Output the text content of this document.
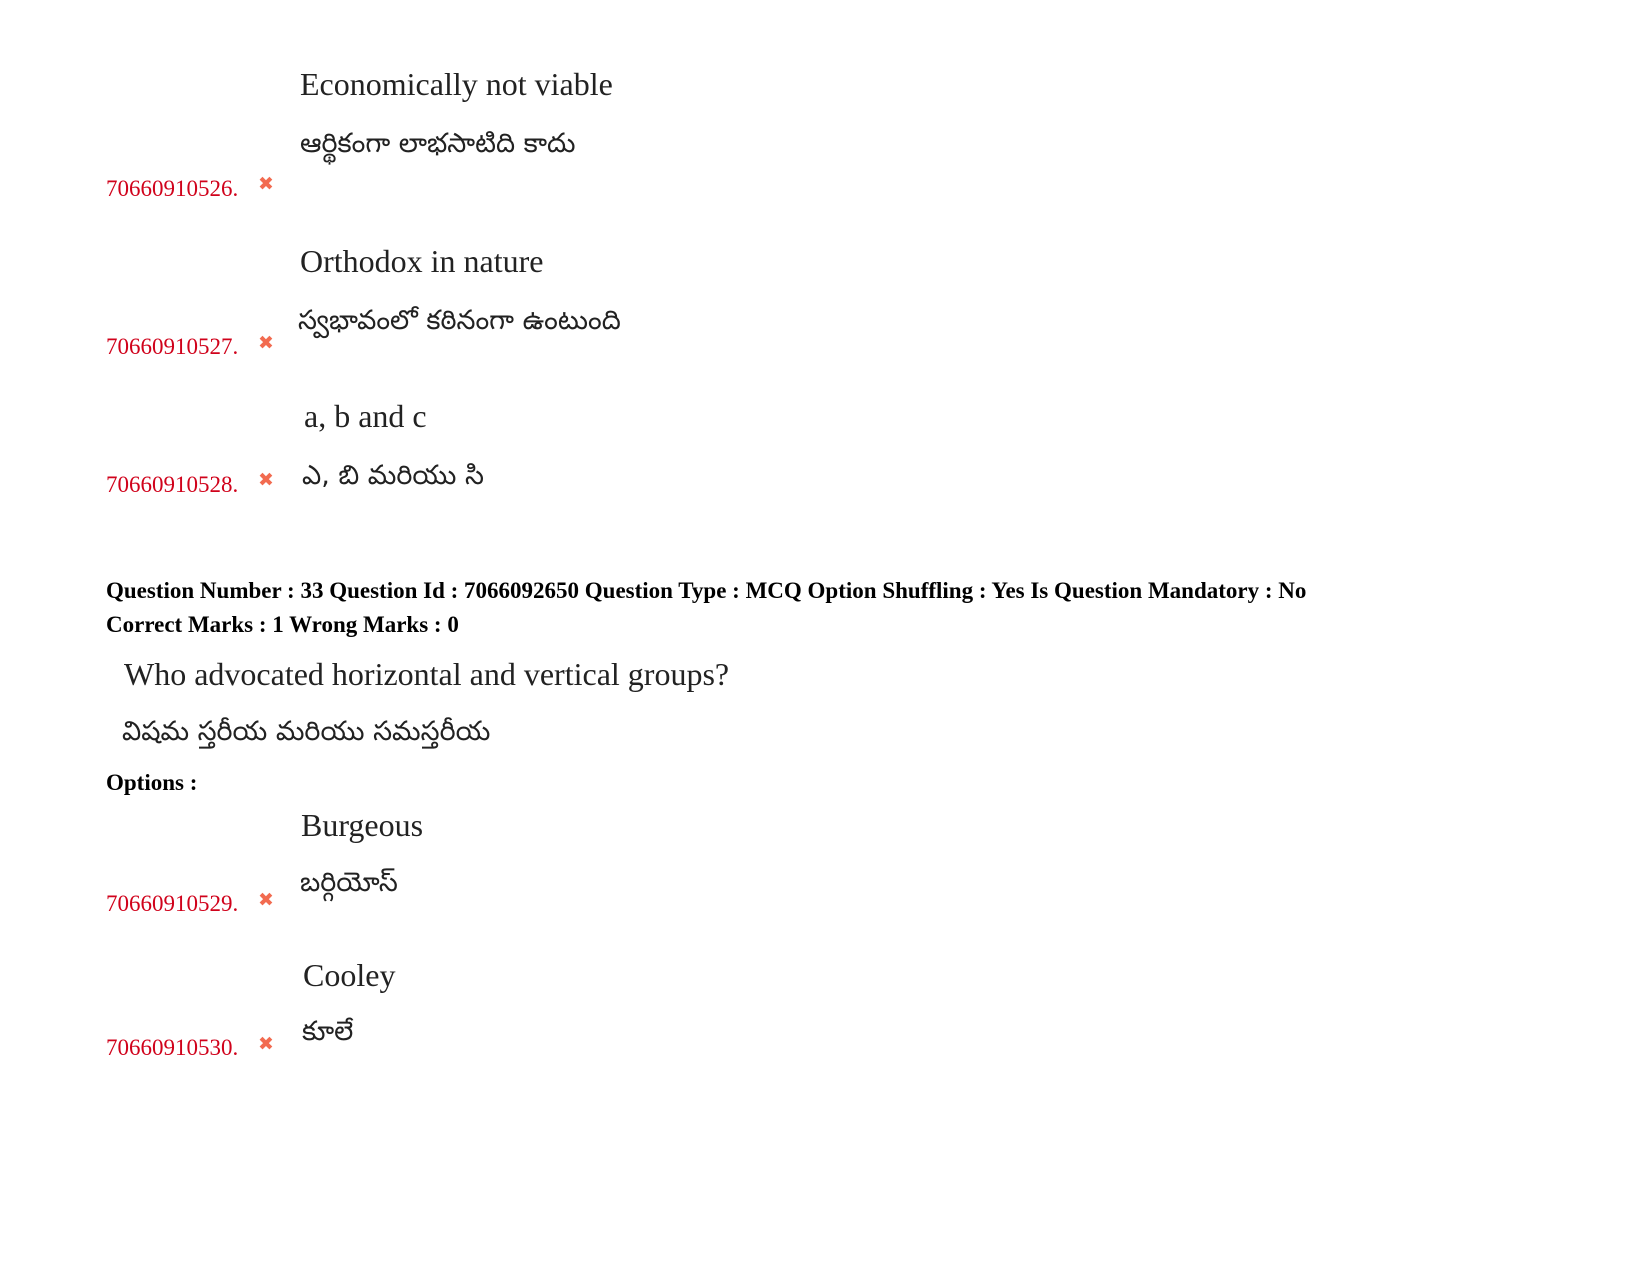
Economically not viable
ఆర్థికంగా లాభసాటిది కాదు
70660910526. ✖
Orthodox in nature
స్వభావంలో కఠినంగా ఉంటుంది
70660910527. ✖
a, b and c
ఎ, బి మరియు సి
70660910528. ✖
Question Number : 33 Question Id : 7066092650 Question Type : MCQ Option Shuffling : Yes Is Question Mandatory : No
Correct Marks : 1 Wrong Marks : 0
Who advocated horizontal and vertical groups?
విషమ స్తరీయ మరియు సమస్తరీయ
Options :
Burgeous
బర్గియోస్
70660910529. ✖
Cooley
కూలే
70660910530. ✖
